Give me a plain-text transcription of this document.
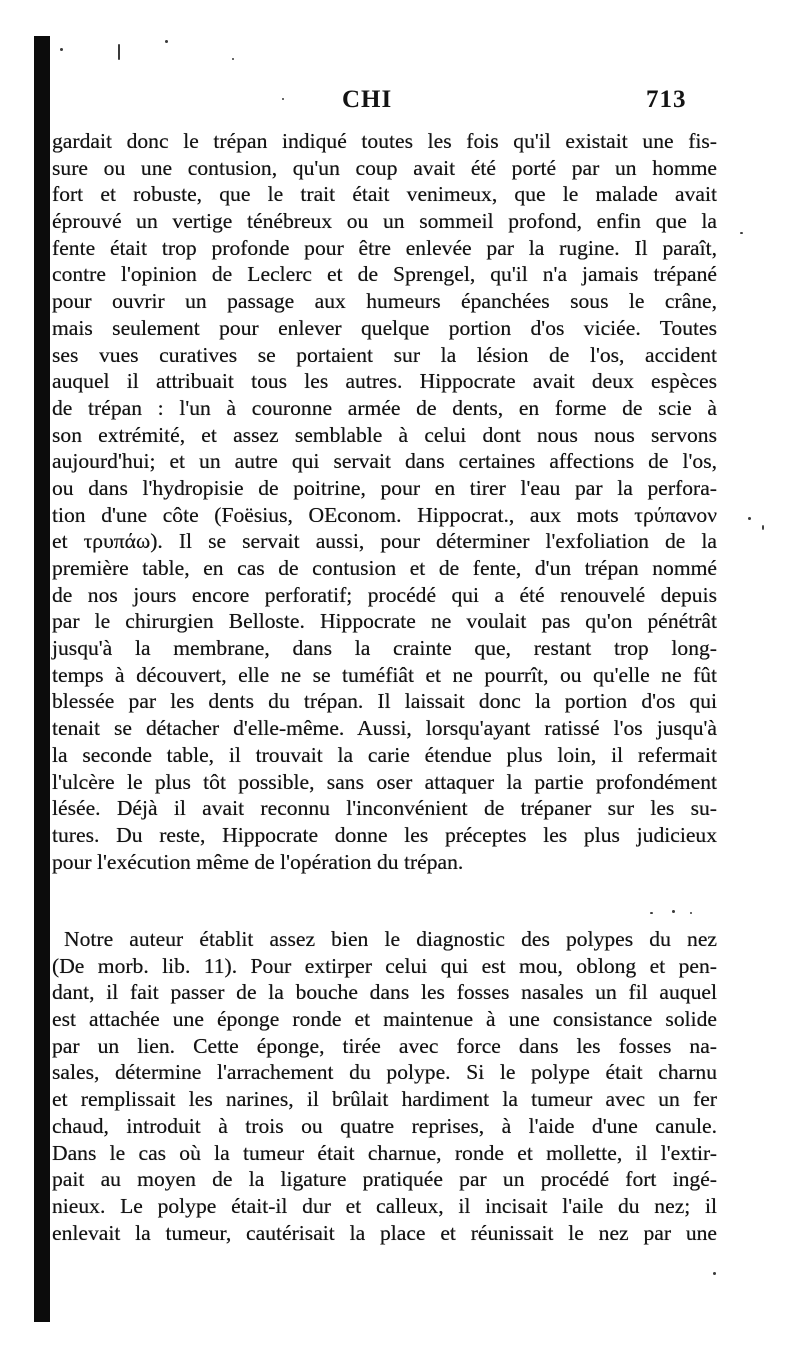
CHI	713
gardait donc le trépan indiqué toutes les fois qu'il existait une fis-
sure ou une contusion, qu'un coup avait été porté par un homme
fort et robuste, que le trait était venimeux, que le malade avait
éprouvé un vertige ténébreux ou un sommeil profond, enfin que la
fente était trop profonde pour être enlevée par la rugine. Il paraît,
contre l'opinion de Leclerc et de Sprengel, qu'il n'a jamais trépané
pour ouvrir un passage aux humeurs épanchées sous le crâne,
mais seulement pour enlever quelque portion d'os viciée. Toutes
ses vues curatives se portaient sur la lésion de l'os, accident
auquel il attribuait tous les autres. Hippocrate avait deux espèces
de trépan : l'un à couronne armée de dents, en forme de scie à
son extrémité, et assez semblable à celui dont nous nous servons
aujourd'hui; et un autre qui servait dans certaines affections de l'os,
ou dans l'hydropisie de poitrine, pour en tirer l'eau par la perfora-
tion d'une côte (Foësius, OEconom. Hippocrat., aux mots τρύπανον
et τρυπάω). Il se servait aussi, pour déterminer l'exfoliation de la
première table, en cas de contusion et de fente, d'un trépan nommé
de nos jours encore perforatif; procédé qui a été renouvelé depuis
par le chirurgien Belloste. Hippocrate ne voulait pas qu'on pénétrât
jusqu'à la membrane, dans la crainte que, restant trop long-
temps à découvert, elle ne se tuméfiât et ne pourrît, ou qu'elle ne fût
blessée par les dents du trépan. Il laissait donc la portion d'os qui
tenait se détacher d'elle-même. Aussi, lorsqu'ayant ratissé l'os jusqu'à
la seconde table, il trouvait la carie étendue plus loin, il refermait
l'ulcère le plus tôt possible, sans oser attaquer la partie profondément
lésée. Déjà il avait reconnu l'inconvénient de trépaner sur les su-
tures. Du reste, Hippocrate donne les préceptes les plus judicieux
pour l'exécution même de l'opération du trépan.
Notre auteur établit assez bien le diagnostic des polypes du nez
(De morb. lib. 11). Pour extirper celui qui est mou, oblong et pen-
dant, il fait passer de la bouche dans les fosses nasales un fil auquel
est attachée une éponge ronde et maintenue à une consistance solide
par un lien. Cette éponge, tirée avec force dans les fosses na-
sales, détermine l'arrachement du polype. Si le polype était charnu
et remplissait les narines, il brûlait hardiment la tumeur avec un fer
chaud, introduit à trois ou quatre reprises, à l'aide d'une canule.
Dans le cas où la tumeur était charnue, ronde et mollette, il l'extir-
pait au moyen de la ligature pratiquée par un procédé fort ingé-
nieux. Le polype était-il dur et calleux, il incisait l'aile du nez; il
enlevait la tumeur, cautérisait la place et réunissait le nez par une
